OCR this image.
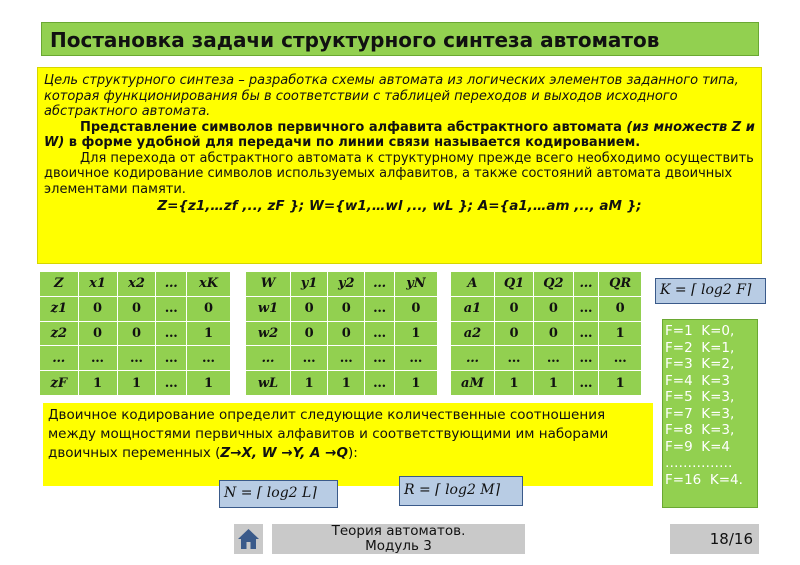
Постановка задачи структурного синтеза автоматов

Цель структурного синтеза – разработка схемы автомата из логических элементов заданного типа, которая функционирования бы в соответствии с таблицей переходов и выходов исходного абстрактного автомата.

Представление символов первичного алфавита абстрактного автомата (из множеств Z и W) в форме удобной для передачи по линии связи называется кодированием.

Для перехода от абстрактного автомата к структурному прежде всего необходимо осуществить двоичное кодирование символов используемых алфавитов, а также состояний автомата двоичных элементами памяти.

Z={z1,…zf ,.., zF }; W={w1,…wl ,.., wL }; A={a1,…am ,.., aM };

Z	x1	x2	…	xK
z1	0	0	…	0
z2	0	0	…	1
…	…	…	…	…
zF	1	1	…	1
W	y1	y2	…	yN
w1	0	0	…	0
w2	0	0	…	1
…	…	…	…	…
wL	1	1	…	1
A	Q1	Q2	…	QR
a1	0	0	…	0
a2	0	0	…	1
…	…	…	…	…
aM	1	1	…	1
K = ⌈ log2 F⌉
F=1  K=0,
F=2  K=1,
F=3  K=2,
F=4  K=3
F=5  K=3,
F=7  K=3,
F=8  K=3,
F=9  K=4
……………
F=16  K=4.
Двоичное кодирование определит следующие количественные соотношения между мощностями первичных алфавитов и соответствующими им наборами двоичных переменных (Z→X, W →Y, A →Q):
N = ⌈ log2 L⌉	R = ⌈ log2 M⌉
Теория автоматов.
Модуль 3	18/16
